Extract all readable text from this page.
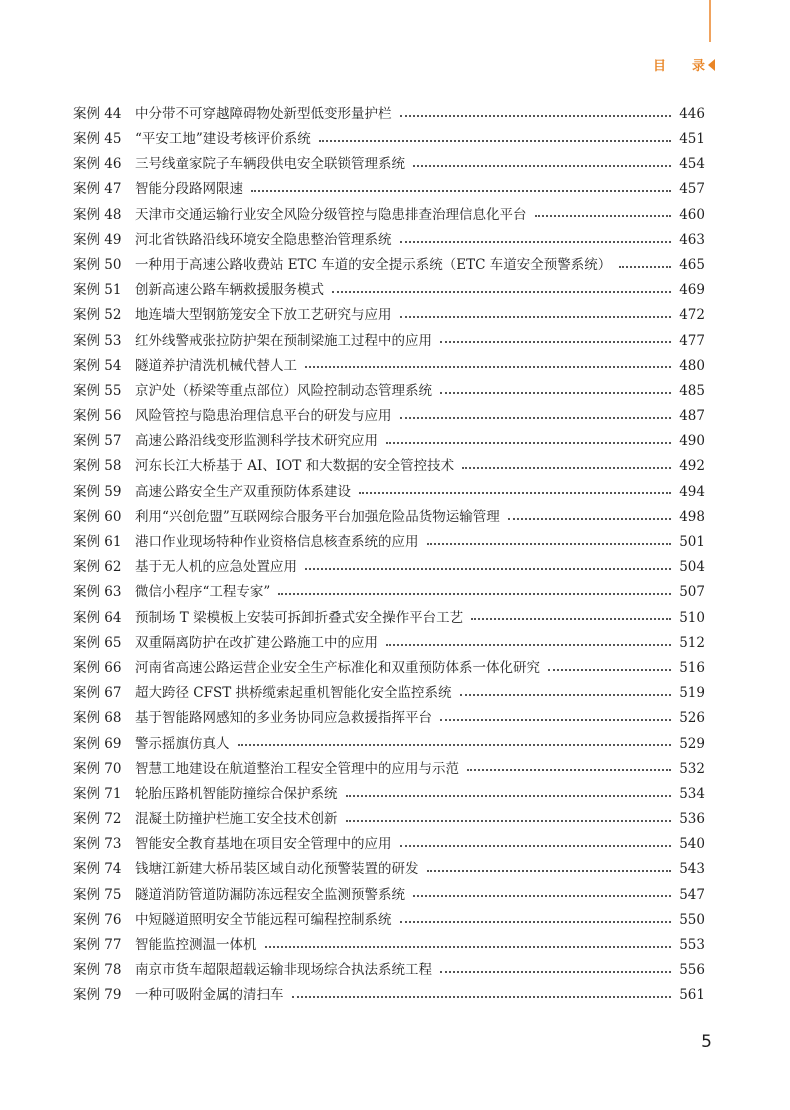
目 录
案例 44	中分带不可穿越障碍物处新型低变形量护栏	446
案例 45	“平安工地”建设考核评价系统	451
案例 46	三号线童家院子车辆段供电安全联锁管理系统	454
案例 47	智能分段路网限速	457
案例 48	天津市交通运输行业安全风险分级管控与隐患排查治理信息化平台	460
案例 49	河北省铁路沿线环境安全隐患整治管理系统	463
案例 50	一种用于高速公路收费站 ETC 车道的安全提示系统（ETC 车道安全预警系统）	465
案例 51	创新高速公路车辆救援服务模式	469
案例 52	地连墙大型钢筋笼安全下放工艺研究与应用	472
案例 53	红外线警戒张拉防护架在预制梁施工过程中的应用	477
案例 54	隧道养护清洗机械代替人工	480
案例 55	京沪处（桥梁等重点部位）风险控制动态管理系统	485
案例 56	风险管控与隐患治理信息平台的研发与应用	487
案例 57	高速公路沿线变形监测科学技术研究应用	490
案例 58	河东长江大桥基于 AI、IOT 和大数据的安全管控技术	492
案例 59	高速公路安全生产双重预防体系建设	494
案例 60	利用“兴创危盟”互联网综合服务平台加强危险品货物运输管理	498
案例 61	港口作业现场特种作业资格信息核查系统的应用	501
案例 62	基于无人机的应急处置应用	504
案例 63	微信小程序“工程专家”	507
案例 64	预制场 T 梁模板上安装可拆卸折叠式安全操作平台工艺	510
案例 65	双重隔离防护在改扩建公路施工中的应用	512
案例 66	河南省高速公路运营企业安全生产标准化和双重预防体系一体化研究	516
案例 67	超大跨径 CFST 拱桥缆索起重机智能化安全监控系统	519
案例 68	基于智能路网感知的多业务协同应急救援指挥平台	526
案例 69	警示摇旗仿真人	529
案例 70	智慧工地建设在航道整治工程安全管理中的应用与示范	532
案例 71	轮胎压路机智能防撞综合保护系统	534
案例 72	混凝土防撞护栏施工安全技术创新	536
案例 73	智能安全教育基地在项目安全管理中的应用	540
案例 74	钱塘江新建大桥吊装区域自动化预警装置的研发	543
案例 75	隧道消防管道防漏防冻远程安全监测预警系统	547
案例 76	中短隧道照明安全节能远程可编程控制系统	550
案例 77	智能监控测温一体机	553
案例 78	南京市货车超限超载运输非现场综合执法系统工程	556
案例 79	一种可吸附金属的清扫车	561
5
